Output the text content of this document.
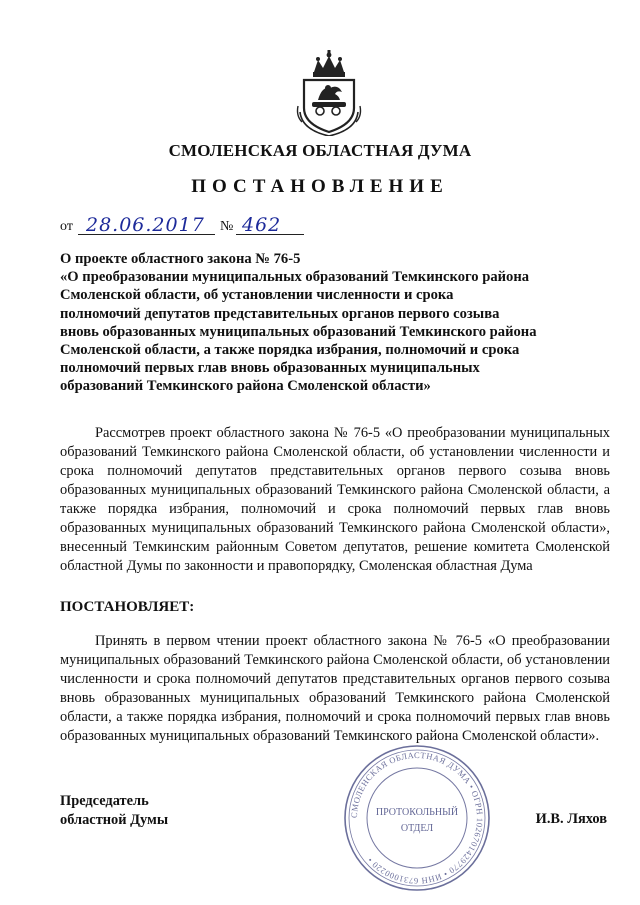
СМОЛЕНСКАЯ ОБЛАСТНАЯ ДУМА
ПОСТАНОВЛЕНИЕ
от 28.06.2017 № 462
О проекте областного закона № 76-5
«О преобразовании муниципальных образований Темкинского района
Смоленской области, об установлении численности и срока
полномочий депутатов представительных органов первого созыва
вновь образованных муниципальных образований Темкинского района
Смоленской области, а также порядка избрания, полномочий и срока
полномочий первых глав вновь образованных муниципальных
образований Темкинского района Смоленской области»

Рассмотрев проект областного закона № 76-5 «О преобразовании муниципальных образований Темкинского района Смоленской области, об установлении численности и срока полномочий депутатов представительных органов первого созыва вновь образованных муниципальных образований Темкинского района Смоленской области, а также порядка избрания, полномочий и срока полномочий первых глав вновь образованных муниципальных образований Темкинского района Смоленской области», внесенный Темкинским районным Советом депутатов, решение комитета Смоленской областной Думы по законности и правопорядку, Смоленская областная Дума

ПОСТАНОВЛЯЕТ:

Принять в первом чтении проект областного закона № 76-5 «О преобразовании муниципальных образований Темкинского района Смоленской области, об установлении численности и срока полномочий депутатов представительных органов первого созыва вновь образованных муниципальных образований Темкинского района Смоленской области, а также порядка избрания, полномочий и срока полномочий первых глав вновь образованных муниципальных образований Темкинского района Смоленской области».

Председатель
областной Думы	И.В. Ляхов
СМОЛЕНСКАЯ ОБЛАСТНАЯ ДУМА • ОГРН 1026701429770 • ИНН 6731000220 •
ПРОТОКОЛЬНЫЙ
ОТДЕЛ
